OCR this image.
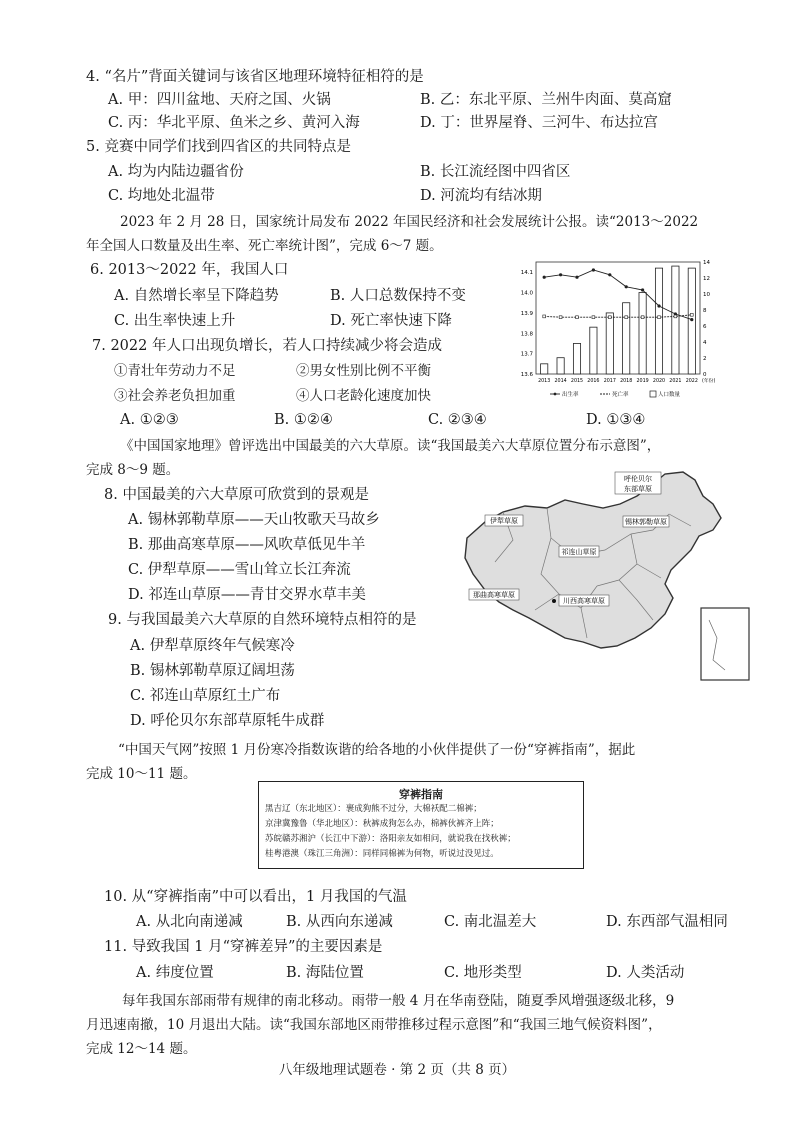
4. “名片”背面关键词与该省区地理环境特征相符的是
A. 甲：四川盆地、天府之国、火锅	B. 乙：东北平原、兰州牛肉面、莫高窟
C. 丙：华北平原、鱼米之乡、黄河入海	D. 丁：世界屋脊、三河牛、布达拉宫
5. 竞赛中同学们找到四省区的共同特点是
A. 均为内陆边疆省份	B. 长江流经图中四省区
C. 均地处北温带	D. 河流均有结冰期
2023 年 2 月 28 日，国家统计局发布 2022 年国民经济和社会发展统计公报。读“2013～2022
年全国人口数量及出生率、死亡率统计图”，完成 6～7 题。
6. 2013～2022 年，我国人口
A. 自然增长率呈下降趋势	B. 人口总数保持不变
C. 出生率快速上升	D. 死亡率快速下降
7. 2022 年人口出现负增长，若人口持续减少将会造成
①青壮年劳动力不足	②男女性别比例不平衡
③社会养老负担加重	④人口老龄化速度加快
A. ①②③	B. ①②④	C. ②③④	D. ①③④
14.1
14.0
13.9
13.8
13.7
13.6
14
12
10
8
6
4
2
0
2013 2014 2015 2016 2017 2018 2019 2020 2021 2022 (年份)
出生率	死亡率	人口数量
《中国国家地理》曾评选出中国最美的六大草原。读“我国最美六大草原位置分布示意图”，
完成 8～9 题。
8. 中国最美的六大草原可欣赏到的景观是
A. 锡林郭勒草原——天山牧歌天马故乡
B. 那曲高寒草原——风吹草低见牛羊
C. 伊犁草原——雪山耸立长江奔流
D. 祁连山草原——青甘交界水草丰美
9. 与我国最美六大草原的自然环境特点相符的是
A. 伊犁草原终年气候寒冷
B. 锡林郭勒草原辽阔坦荡
C. 祁连山草原红土广布
D. 呼伦贝尔东部草原牦牛成群
呼伦贝尔
东部草原
锡林郭勒草原
伊犁草原
祁连山草原
那曲高寒草原
川西高寒草原
“中国天气网”按照 1 月份寒冷指数诙谐的给各地的小伙伴提供了一份“穿裤指南”，据此
完成 10～11 题。
穿裤指南
黑吉辽（东北地区）：裹成狗熊不过分，大棉袄配二棉裤；
京津冀豫鲁（华北地区）：秋裤成狗怎么办，棉裤伙裤齐上阵；
苏皖赣苏湘沪（长江中下游）：洛阳亲友如相问，就说我在找秋裤；
桂粤港澳（珠江三角洲）：同样同棉裤为何物，听说过没见过。
10. 从“穿裤指南”中可以看出，1 月我国的气温
A. 从北向南递减	B. 从西向东递减	C. 南北温差大	D. 东西部气温相同
11. 导致我国 1 月“穿裤差异”的主要因素是
A. 纬度位置	B. 海陆位置	C. 地形类型	D. 人类活动
每年我国东部雨带有规律的南北移动。雨带一般 4 月在华南登陆，随夏季风增强逐级北移，9
月迅速南撤，10 月退出大陆。读“我国东部地区雨带推移过程示意图”和“我国三地气候资料图”，
完成 12～14 题。
八年级地理试题卷 · 第 2 页（共 8 页）
